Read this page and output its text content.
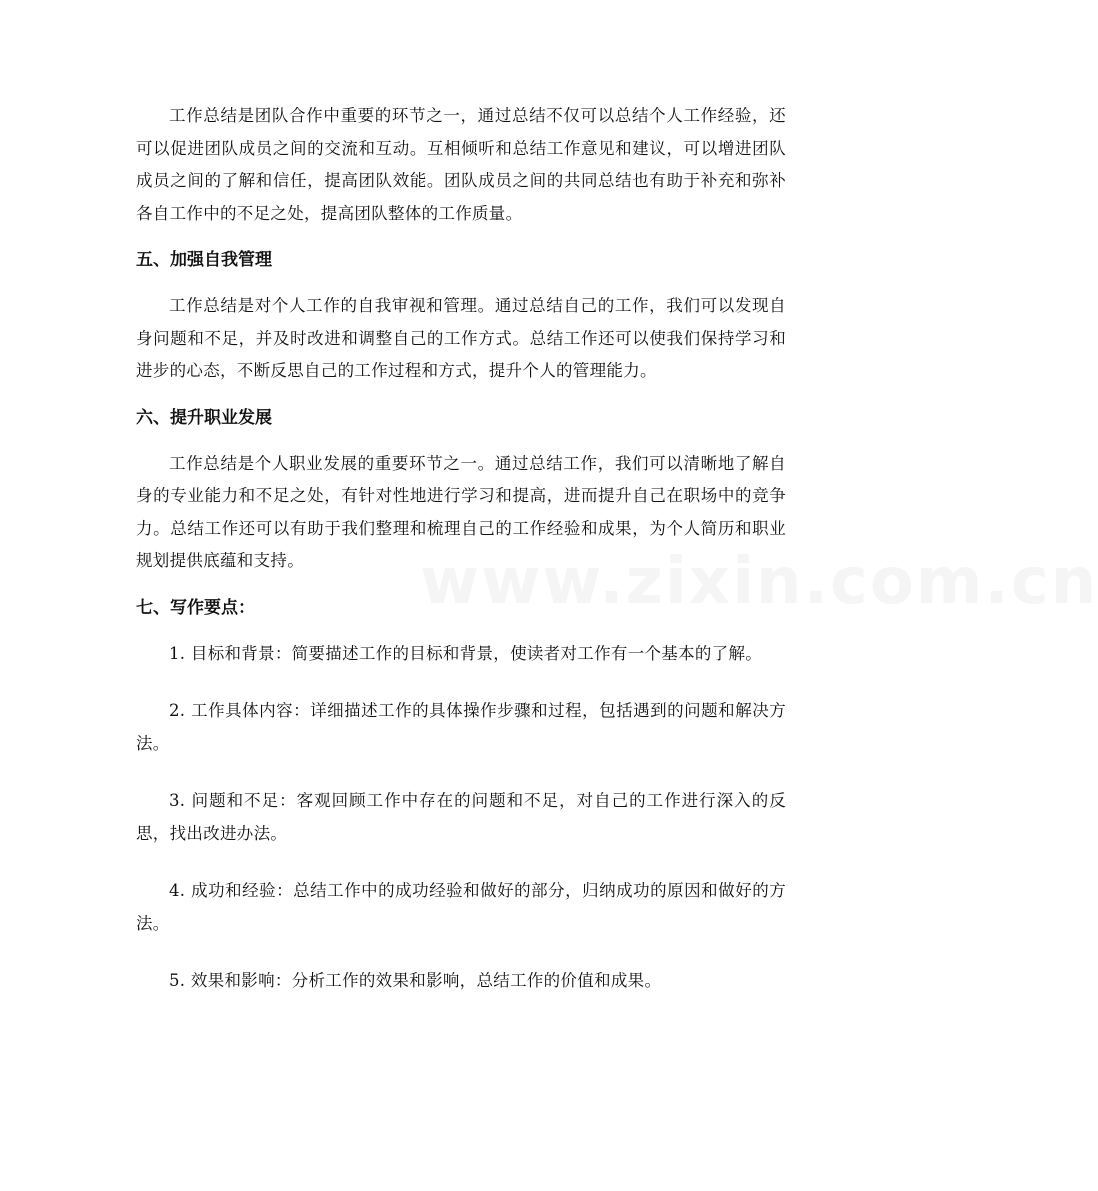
工作总结是团队合作中重要的环节之一，通过总结不仅可以总结个人工作经验，还可以促进团队成员之间的交流和互动。互相倾听和总结工作意见和建议，可以增进团队成员之间的了解和信任，提高团队效能。团队成员之间的共同总结也有助于补充和弥补各自工作中的不足之处，提高团队整体的工作质量。

五、加强自我管理

工作总结是对个人工作的自我审视和管理。通过总结自己的工作，我们可以发现自身问题和不足，并及时改进和调整自己的工作方式。总结工作还可以使我们保持学习和进步的心态，不断反思自己的工作过程和方式，提升个人的管理能力。

六、提升职业发展

工作总结是个人职业发展的重要环节之一。通过总结工作，我们可以清晰地了解自身的专业能力和不足之处，有针对性地进行学习和提高，进而提升自己在职场中的竞争力。总结工作还可以有助于我们整理和梳理自己的工作经验和成果，为个人简历和职业规划提供底蕴和支持。

七、写作要点：

1. 目标和背景：简要描述工作的目标和背景，使读者对工作有一个基本的了解。

2. 工作具体内容：详细描述工作的具体操作步骤和过程，包括遇到的问题和解决方法。

3. 问题和不足：客观回顾工作中存在的问题和不足，对自己的工作进行深入的反思，找出改进办法。

4. 成功和经验：总结工作中的成功经验和做好的部分，归纳成功的原因和做好的方法。

5. 效果和影响：分析工作的效果和影响，总结工作的价值和成果。

www.zixin.com.cn
